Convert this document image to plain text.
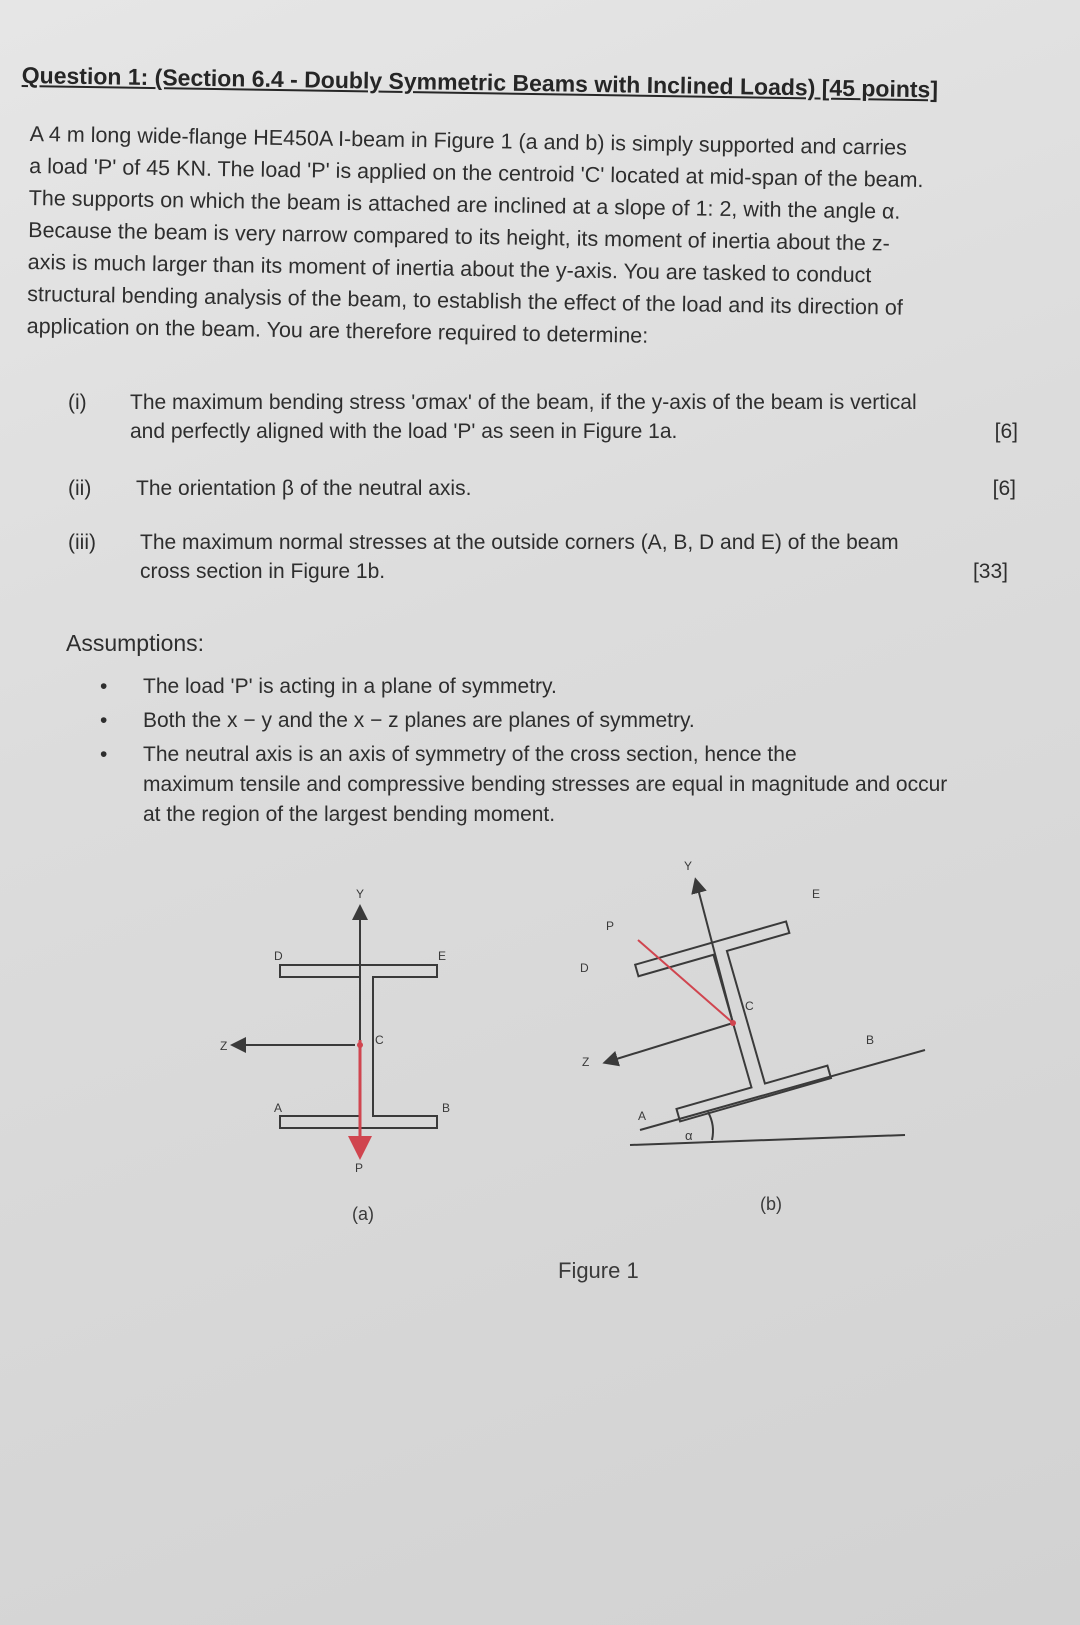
Question 1: (Section 6.4 - Doubly Symmetric Beams with Inclined Loads) [45 points]
A 4 m long wide-flange HE450A I-beam in Figure 1 (a and b) is simply supported and carries
a load 'P' of 45 KN. The load 'P' is applied on the centroid 'C' located at mid-span of the beam.
The supports on which the beam is attached are inclined at a slope of 1: 2, with the angle α.
Because the beam is very narrow compared to its height, its moment of inertia about the z-
axis is much larger than its moment of inertia about the y-axis. You are tasked to conduct
structural bending analysis of the beam, to establish the effect of the load and its direction of
application on the beam. You are therefore required to determine:
(i) The maximum bending stress 'σmax' of the beam, if the y-axis of the beam is vertical
and perfectly aligned with the load 'P' as seen in Figure 1a.	[6]
(ii) The orientation β of the neutral axis.	[6]
(iii) The maximum normal stresses at the outside corners (A, B, D and E) of the beam
cross section in Figure 1b.	[33]
Assumptions:
• The load 'P' is acting in a plane of symmetry.
• Both the x − y and the x − z planes are planes of symmetry.
• The neutral axis is an axis of symmetry of the cross section, hence the
maximum tensile and compressive bending stresses are equal in magnitude and occur
at the region of the largest bending moment.
Y
Z	C
D	E
A	B
P
(a)
Y
Z
C
D
E
A
B
P
α
(b)
Figure 1
